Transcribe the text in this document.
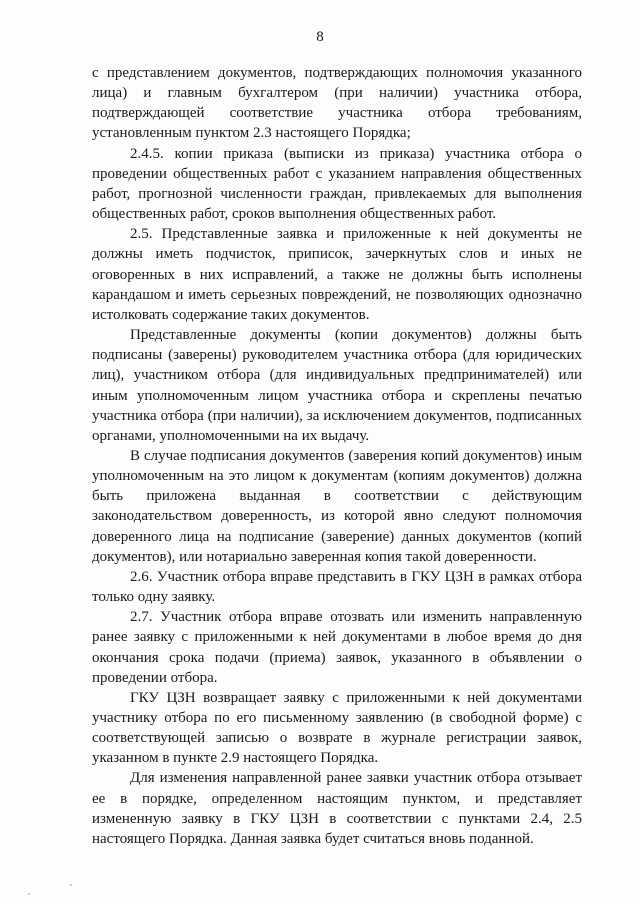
8

с представлением документов, подтверждающих полномочия указанного лица) и главным бухгалтером (при наличии) участника отбора, подтверждающей соответствие участника отбора требованиям, установленным пунктом 2.3 настоящего Порядка;

2.4.5. копии приказа (выписки из приказа) участника отбора о проведении общественных работ с указанием направления общественных работ, прогнозной численности граждан, привлекаемых для выполнения общественных работ, сроков выполнения общественных работ.

2.5. Представленные заявка и приложенные к ней документы не должны иметь подчисток, приписок, зачеркнутых слов и иных не оговоренных в них исправлений, а также не должны быть исполнены карандашом и иметь серьезных повреждений, не позволяющих однозначно истолковать содержание таких документов.

Представленные документы (копии документов) должны быть подписаны (заверены) руководителем участника отбора (для юридических лиц), участником отбора (для индивидуальных предпринимателей) или иным уполномоченным лицом участника отбора и скреплены печатью участника отбора (при наличии), за исключением документов, подписанных органами, уполномоченными на их выдачу.

В случае подписания документов (заверения копий документов) иным уполномоченным на это лицом к документам (копиям документов) должна быть приложена выданная в соответствии с действующим законодательством доверенность, из которой явно следуют полномочия доверенного лица на подписание (заверение) данных документов (копий документов), или нотариально заверенная копия такой доверенности.

2.6. Участник отбора вправе представить в ГКУ ЦЗН в рамках отбора только одну заявку.

2.7. Участник отбора вправе отозвать или изменить направленную ранее заявку с приложенными к ней документами в любое время до дня окончания срока подачи (приема) заявок, указанного в объявлении о проведении отбора.

ГКУ ЦЗН возвращает заявку с приложенными к ней документами участнику отбора по его письменному заявлению (в свободной форме) с соответствующей записью о возврате в журнале регистрации заявок, указанном в пункте 2.9 настоящего Порядка.

Для изменения направленной ранее заявки участник отбора отзывает ее в порядке, определенном настоящим пунктом, и представляет измененную заявку в ГКУ ЦЗН в соответствии с пунктами 2.4, 2.5 настоящего Порядка. Данная заявка будет считаться вновь поданной.
